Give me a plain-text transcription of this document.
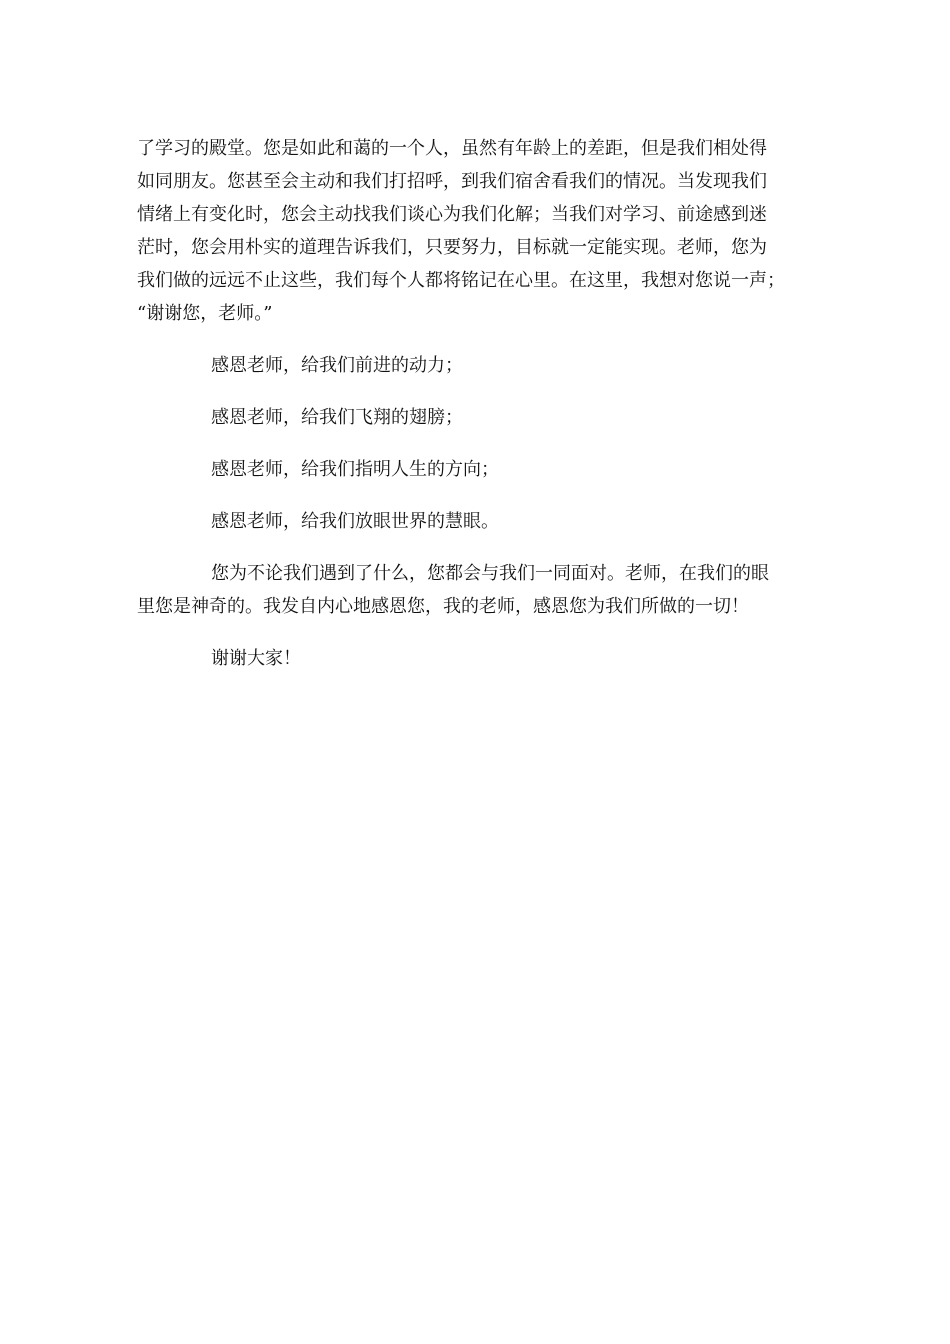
了学习的殿堂。您是如此和蔼的一个人，虽然有年龄上的差距，但是我们相处得
如同朋友。您甚至会主动和我们打招呼，到我们宿舍看我们的情况。当发现我们
情绪上有变化时，您会主动找我们谈心为我们化解；当我们对学习、前途感到迷
茫时，您会用朴实的道理告诉我们，只要努力，目标就一定能实现。老师，您为
我们做的远远不止这些，我们每个人都将铭记在心里。在这里，我想对您说一声；
“谢谢您，老师。”

感恩老师，给我们前进的动力；

感恩老师，给我们飞翔的翅膀；

感恩老师，给我们指明人生的方向；

感恩老师，给我们放眼世界的慧眼。

您为不论我们遇到了什么，您都会与我们一同面对。老师，在我们的眼
里您是神奇的。我发自内心地感恩您，我的老师，感恩您为我们所做的一切！

谢谢大家！
